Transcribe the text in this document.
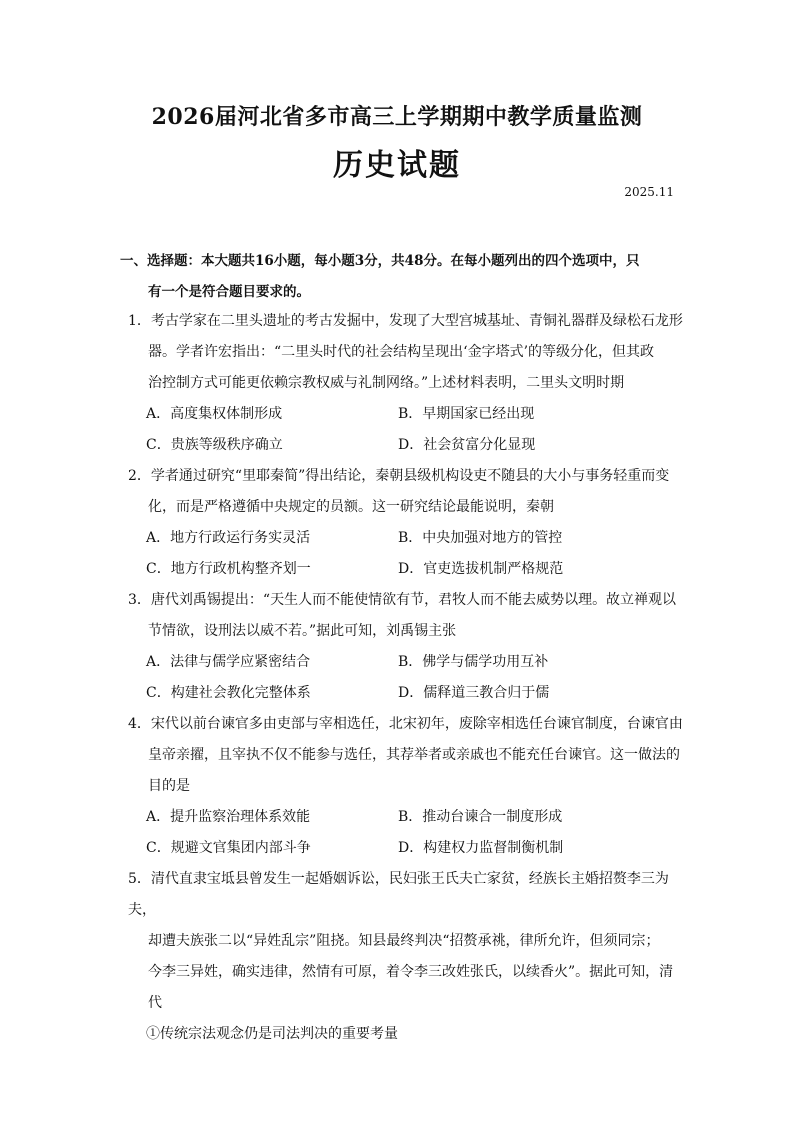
2026届河北省多市高三上学期期中教学质量监测
历史试题
2025.11
一、选择题：本大题共16小题，每小题3分，共48分。在每小题列出的四个选项中，只
有一个是符合题目要求的。
1．考古学家在二里头遗址的考古发掘中，发现了大型宫城基址、青铜礼器群及绿松石龙形
器。学者许宏指出：“二里头时代的社会结构呈现出‘金字塔式’的等级分化，但其政
治控制方式可能更依赖宗教权威与礼制网络。”上述材料表明，二里头文明时期
A．高度集权体制形成	B．早期国家已经出现
C．贵族等级秩序确立	D．社会贫富分化显现
2．学者通过研究“里耶秦简”得出结论，秦朝县级机构设吏不随县的大小与事务轻重而变
化，而是严格遵循中央规定的员额。这一研究结论最能说明，秦朝
A．地方行政运行务实灵活	B．中央加强对地方的管控
C．地方行政机构整齐划一	D．官吏选拔机制严格规范
3．唐代刘禹锡提出：“天生人而不能使情欲有节，君牧人而不能去威势以理。故立禅观以
节情欲，设刑法以威不若。”据此可知，刘禹锡主张
A．法律与儒学应紧密结合	B．佛学与儒学功用互补
C．构建社会教化完整体系	D．儒释道三教合归于儒
4．宋代以前台谏官多由吏部与宰相选任，北宋初年，废除宰相选任台谏官制度，台谏官由
皇帝亲擢，且宰执不仅不能参与选任，其荐举者或亲戚也不能充任台谏官。这一做法的
目的是
A．提升监察治理体系效能	B．推动台谏合一制度形成
C．规避文官集团内部斗争	D．构建权力监督制衡机制
5．清代直隶宝坻县曾发生一起婚姻诉讼，民妇张王氏夫亡家贫，经族长主婚招赘李三为夫，
却遭夫族张二以“异姓乱宗”阻挠。知县最终判决“招赘承祧，律所允许，但须同宗；
今李三异姓，确实违律，然情有可原，着令李三改姓张氏，以续香火”。据此可知，清
代
①传统宗法观念仍是司法判决的重要考量
